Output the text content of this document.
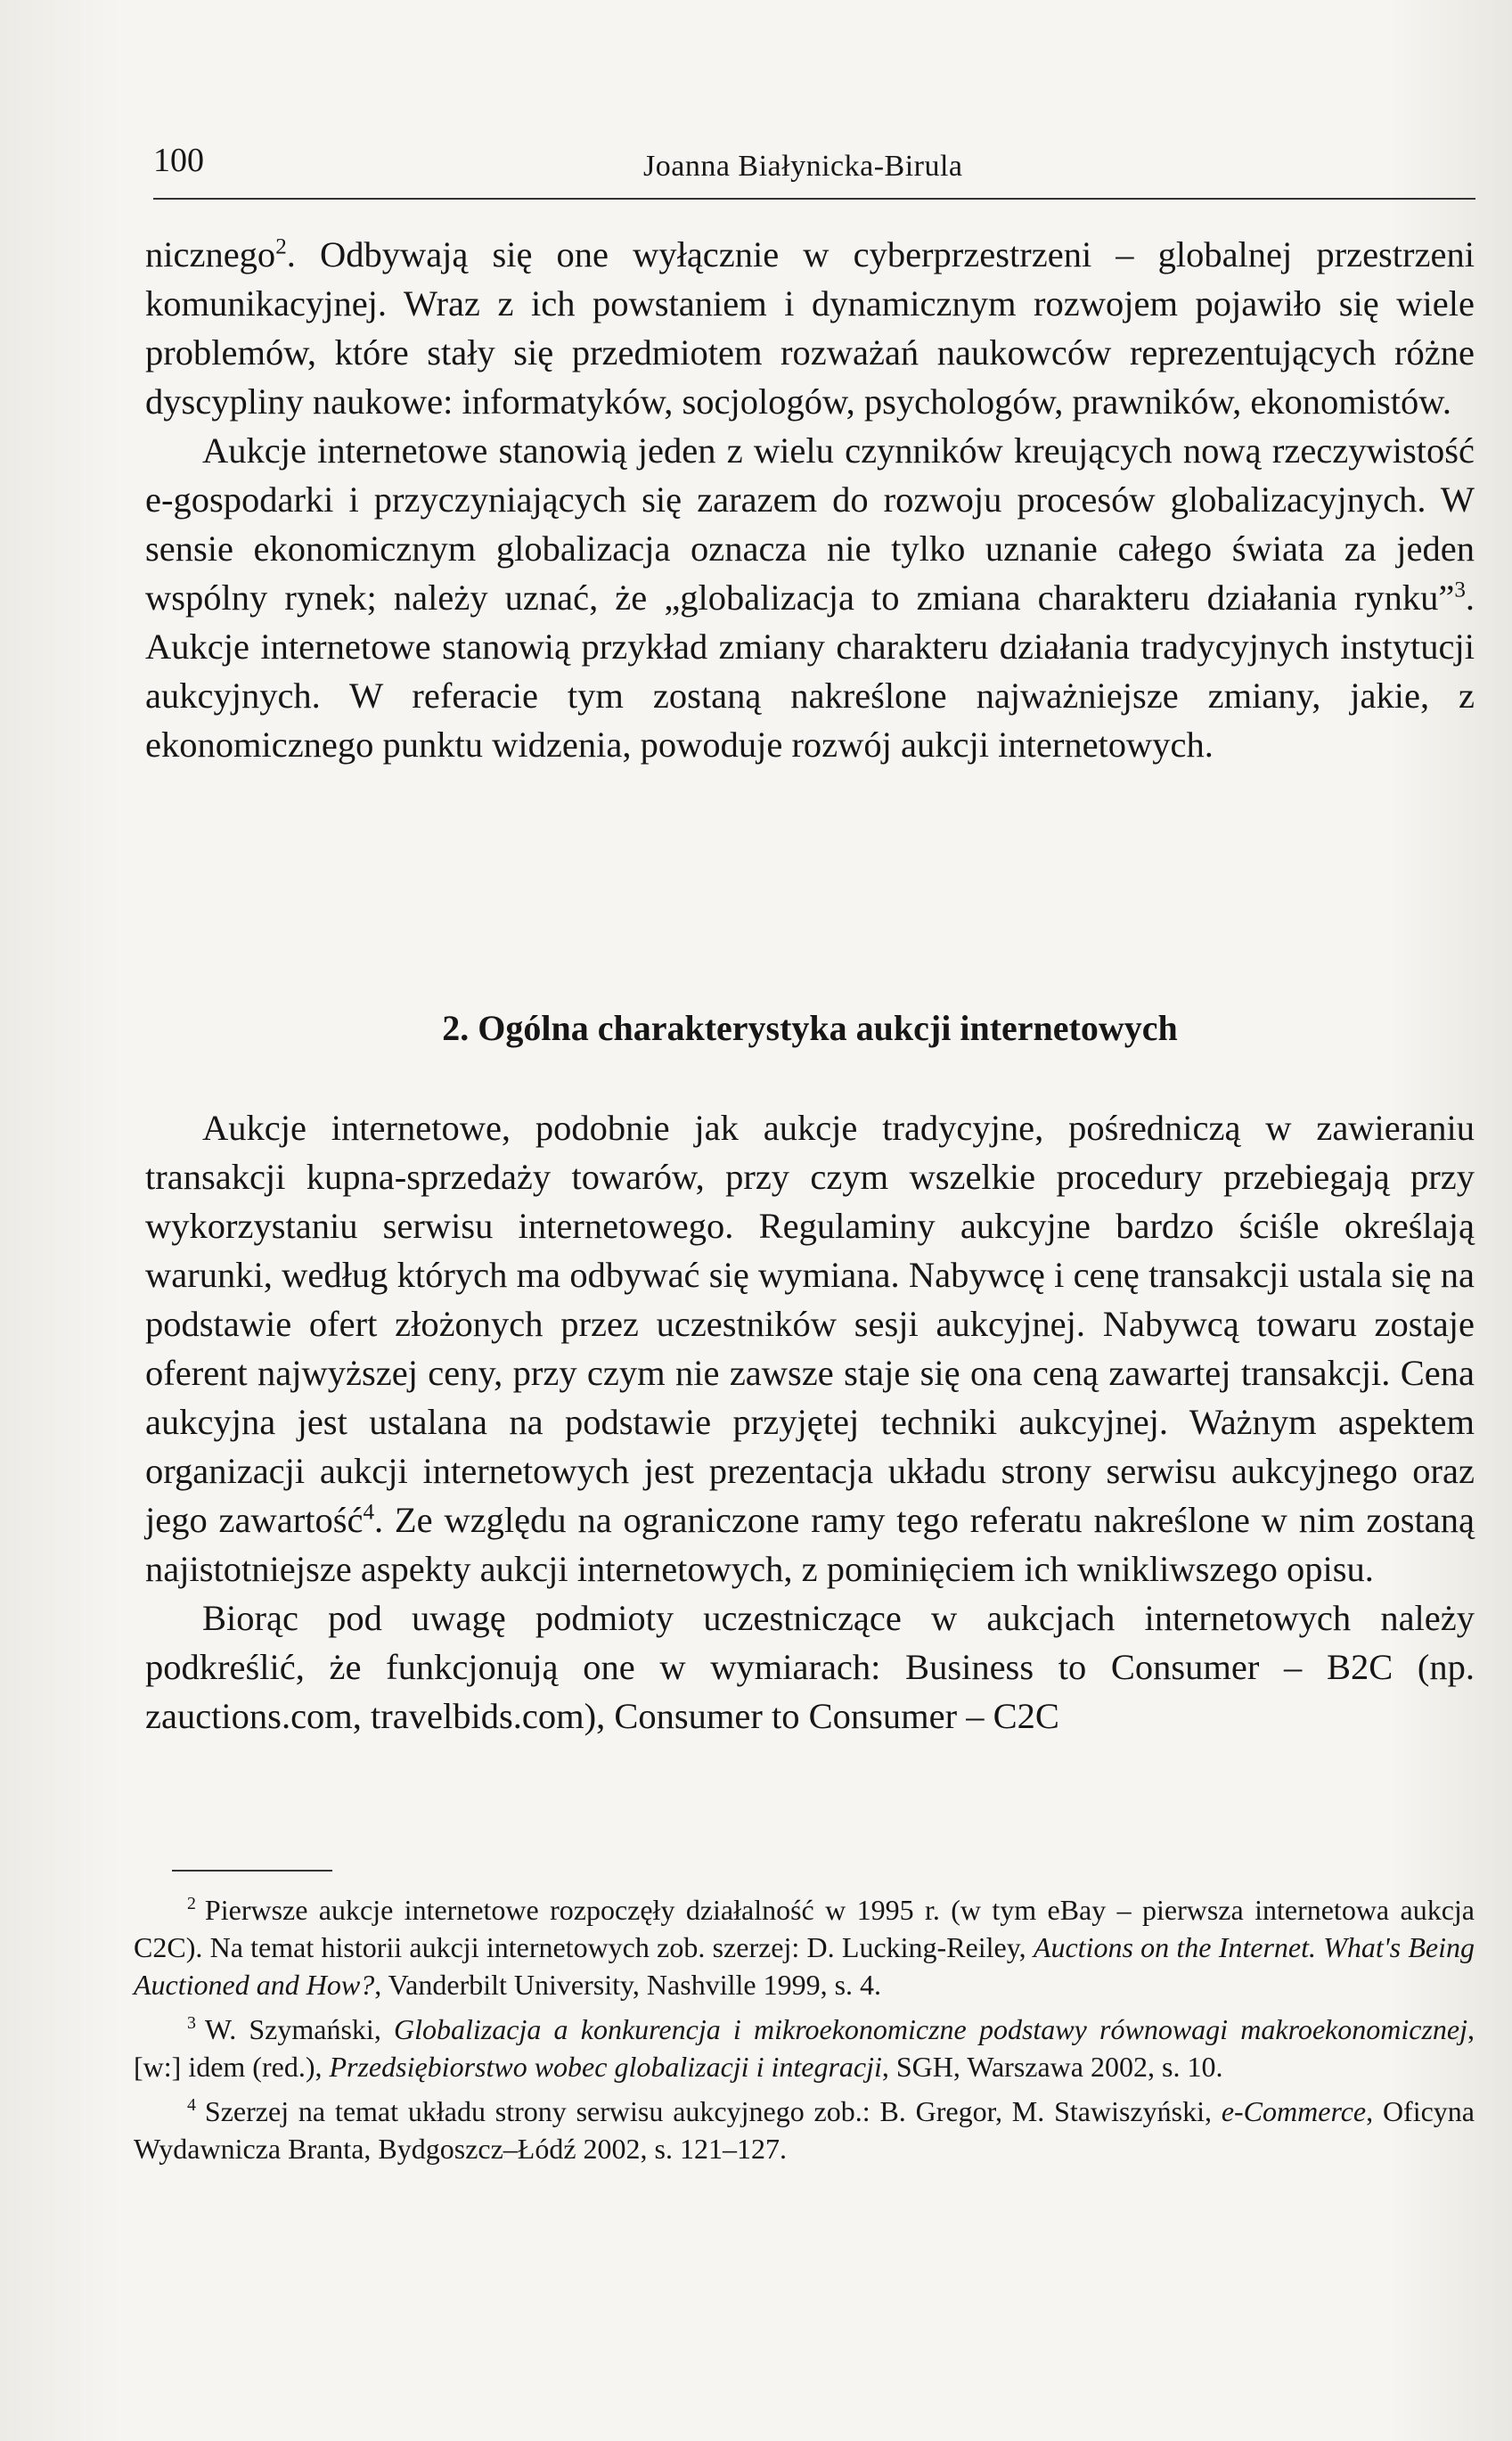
100	Joanna Białynicka-Birula

nicznego$^2$. Odbywają się one wyłącznie w cyberprzestrzeni – globalnej przestrzeni komunikacyjnej. Wraz z ich powstaniem i dynamicznym rozwojem pojawiło się wiele problemów, które stały się przedmiotem rozważań naukowców reprezentujących różne dyscypliny naukowe: informatyków, socjologów, psychologów, prawników, ekonomistów.

Aukcje internetowe stanowią jeden z wielu czynników kreujących nową rzeczywistość e-gospodarki i przyczyniających się zarazem do rozwoju procesów globalizacyjnych. W sensie ekonomicznym globalizacja oznacza nie tylko uznanie całego świata za jeden wspólny rynek; należy uznać, że „globalizacja to zmiana charakteru działania rynku”$^3$. Aukcje internetowe stanowią przykład zmiany charakteru działania tradycyjnych instytucji aukcyjnych. W referacie tym zostaną nakreślone najważniejsze zmiany, jakie, z ekonomicznego punktu widzenia, powoduje rozwój aukcji internetowych.

2. Ogólna charakterystyka aukcji internetowych

Aukcje internetowe, podobnie jak aukcje tradycyjne, pośredniczą w zawieraniu transakcji kupna-sprzedaży towarów, przy czym wszelkie procedury przebiegają przy wykorzystaniu serwisu internetowego. Regulaminy aukcyjne bardzo ściśle określają warunki, według których ma odbywać się wymiana. Nabywcę i cenę transakcji ustala się na podstawie ofert złożonych przez uczestników sesji aukcyjnej. Nabywcą towaru zostaje oferent najwyższej ceny, przy czym nie zawsze staje się ona ceną zawartej transakcji. Cena aukcyjna jest ustalana na podstawie przyjętej techniki aukcyjnej. Ważnym aspektem organizacji aukcji internetowych jest prezentacja układu strony serwisu aukcyjnego oraz jego zawartość$^4$. Ze względu na ograniczone ramy tego referatu nakreślone w nim zostaną najistotniejsze aspekty aukcji internetowych, z pominięciem ich wnikliwszego opisu.

Biorąc pod uwagę podmioty uczestniczące w aukcjach internetowych należy podkreślić, że funkcjonują one w wymiarach: Business to Consumer – B2C (np. zauctions.com, travelbids.com), Consumer to Consumer – C2C

$^2$ Pierwsze aukcje internetowe rozpoczęły działalność w 1995 r. (w tym eBay – pierwsza internetowa aukcja C2C). Na temat historii aukcji internetowych zob. szerzej: D. Lucking-Reiley, Auctions on the Internet. What's Being Auctioned and How?, Vanderbilt University, Nashville 1999, s. 4.

$^3$ W. Szymański, Globalizacja a konkurencja i mikroekonomiczne podstawy równowagi makroekonomicznej, [w:] idem (red.), Przedsiębiorstwo wobec globalizacji i integracji, SGH, Warszawa 2002, s. 10.

$^4$ Szerzej na temat układu strony serwisu aukcyjnego zob.: B. Gregor, M. Stawiszyński, e-Commerce, Oficyna Wydawnicza Branta, Bydgoszcz–Łódź 2002, s. 121–127.
